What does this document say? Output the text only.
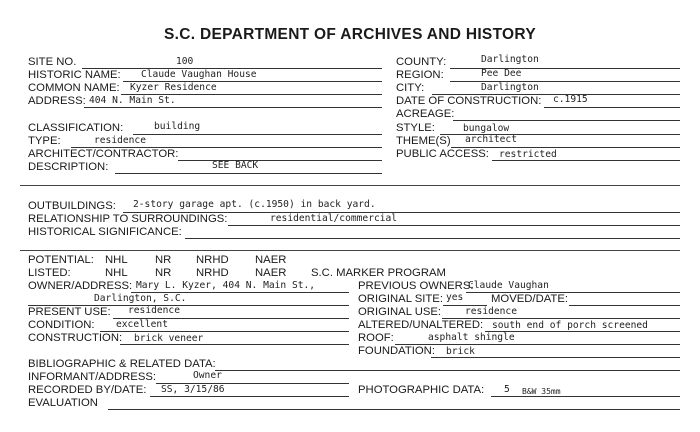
S.C. DEPARTMENT OF ARCHIVES AND HISTORY
SITE NO.	100
HISTORIC NAME: Claude Vaughan House
COMMON NAME: Kyzer Residence
ADDRESS: 404 N. Main St.
COUNTY:	Darlington
REGION:	Pee Dee
CITY:	Darlington
DATE OF CONSTRUCTION: c.1915
ACREAGE:
CLASSIFICATION:	building
TYPE:	residence
ARCHITECT/CONTRACTOR:
DESCRIPTION:	SEE BACK
STYLE:	bungalow
THEME(S) architect
PUBLIC ACCESS: restricted
OUTBUILDINGS: 2-story garage apt. (c.1950) in back yard.
RELATIONSHIP TO SURROUNDINGS:	residential/commercial
HISTORICAL SIGNIFICANCE:
POTENTIAL: NHL NR NRHD NAER
LISTED:	NHL NR NRHD NAER S.C. MARKER PROGRAM
OWNER/ADDRESS: Mary L. Kyzer, 404 N. Main St.,
Darlington, S.C.
PRESENT USE: residence
CONDITION: excellent
CONSTRUCTION: brick veneer
PREVIOUS OWNERS:
Claude Vaughan
ORIGINAL SITE: yes MOVED/DATE:
ORIGINAL USE: residence
ALTERED/UNALTERED: south end of porch screened
ROOF:	asphalt shingle
FOUNDATION: brick
BIBLIOGRAPHIC & RELATED DATA:
INFORMANT/ADDRESS:	Owner
RECORDED BY/DATE: SS, 3/15/86	PHOTOGRAPHIC DATA: 5 B&W 35mm
EVALUATION
